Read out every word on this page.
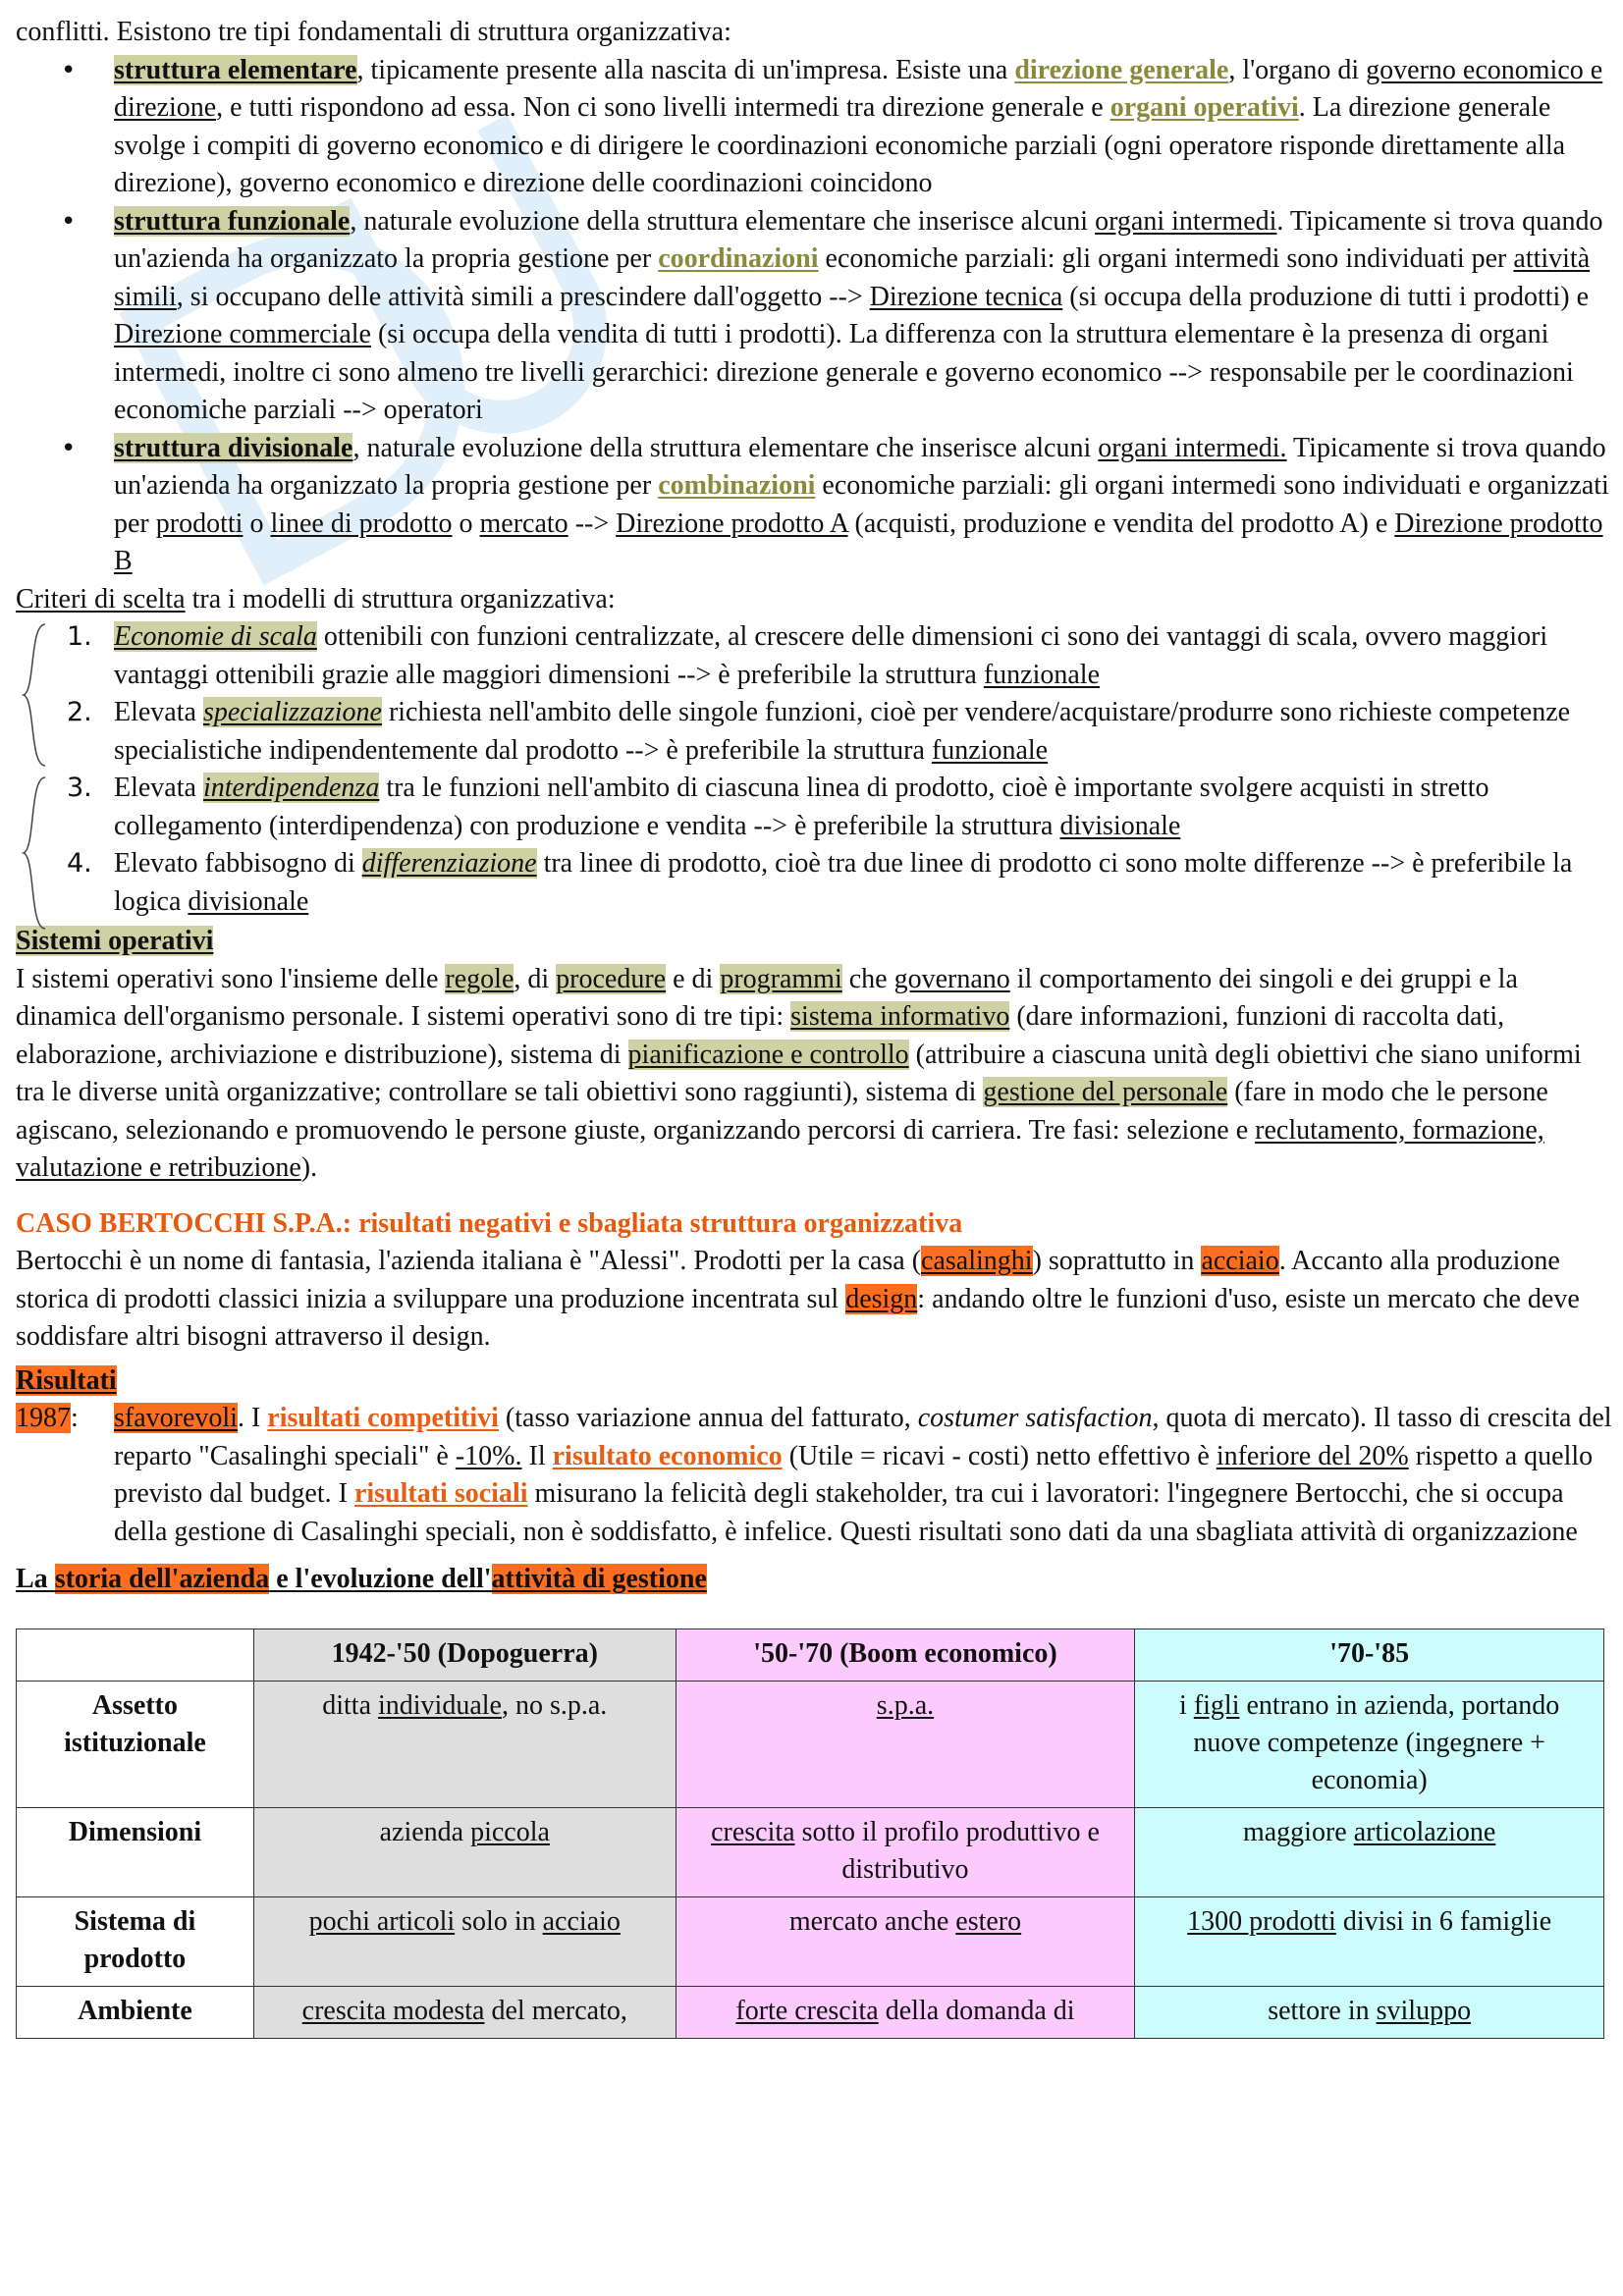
conflitti. Esistono tre tipi fondamentali di struttura organizzativa:

• struttura elementare, tipicamente presente alla nascita di un'impresa. Esiste una direzione generale, l'organo di governo economico e direzione, e tutti rispondono ad essa. Non ci sono livelli intermedi tra direzione generale e organi operativi. La direzione generale svolge i compiti di governo economico e di dirigere le coordinazioni economiche parziali (ogni operatore risponde direttamente alla direzione), governo economico e direzione delle coordinazioni coincidono
• struttura funzionale, naturale evoluzione della struttura elementare che inserisce alcuni organi intermedi. Tipicamente si trova quando un'azienda ha organizzato la propria gestione per coordinazioni economiche parziali: gli organi intermedi sono individuati per attività simili, si occupano delle attività simili a prescindere dall'oggetto --> Direzione tecnica (si occupa della produzione di tutti i prodotti) e Direzione commerciale (si occupa della vendita di tutti i prodotti). La differenza con la struttura elementare è la presenza di organi intermedi, inoltre ci sono almeno tre livelli gerarchici: direzione generale e governo economico --> responsabile per le coordinazioni economiche parziali --> operatori
• struttura divisionale, naturale evoluzione della struttura elementare che inserisce alcuni organi intermedi. Tipicamente si trova quando un'azienda ha organizzato la propria gestione per combinazioni economiche parziali: gli organi intermedi sono individuati e organizzati per prodotti o linee di prodotto o mercato --> Direzione prodotto A (acquisti, produzione e vendita del prodotto A) e Direzione prodotto B

Criteri di scelta tra i modelli di struttura organizzativa:

1. Economie di scala ottenibili con funzioni centralizzate, al crescere delle dimensioni ci sono dei vantaggi di scala, ovvero maggiori vantaggi ottenibili grazie alle maggiori dimensioni --> è preferibile la struttura funzionale
2. Elevata specializzazione richiesta nell'ambito delle singole funzioni, cioè per vendere/acquistare/produrre sono richieste competenze specialistiche indipendentemente dal prodotto --> è preferibile la struttura funzionale
3. Elevata interdipendenza tra le funzioni nell'ambito di ciascuna linea di prodotto, cioè è importante svolgere acquisti in stretto collegamento (interdipendenza) con produzione e vendita --> è preferibile la struttura divisionale
4. Elevato fabbisogno di differenziazione tra linee di prodotto, cioè tra due linee di prodotto ci sono molte differenze --> è preferibile la logica divisionale

Sistemi operativi

I sistemi operativi sono l'insieme delle regole, di procedure e di programmi che governano il comportamento dei singoli e dei gruppi e la dinamica dell'organismo personale. I sistemi operativi sono di tre tipi: sistema informativo (dare informazioni, funzioni di raccolta dati, elaborazione, archiviazione e distribuzione), sistema di pianificazione e controllo (attribuire a ciascuna unità degli obiettivi che siano uniformi tra le diverse unità organizzative; controllare se tali obiettivi sono raggiunti), sistema di gestione del personale (fare in modo che le persone agiscano, selezionando e promuovendo le persone giuste, organizzando percorsi di carriera. Tre fasi: selezione e reclutamento, formazione, valutazione e retribuzione).

CASO BERTOCCHI S.P.A.: risultati negativi e sbagliata struttura organizzativa

Bertocchi è un nome di fantasia, l'azienda italiana è "Alessi". Prodotti per la casa (casalinghi) soprattutto in acciaio. Accanto alla produzione storica di prodotti classici inizia a sviluppare una produzione incentrata sul design: andando oltre le funzioni d'uso, esiste un mercato che deve soddisfare altri bisogni attraverso il design.

Risultati

1987:	sfavorevoli. I risultati competitivi (tasso variazione annua del fatturato, costumer satisfaction, quota di mercato). Il tasso di crescita del reparto "Casalinghi speciali" è -10%. Il risultato economico (Utile = ricavi - costi) netto effettivo è inferiore del 20% rispetto a quello previsto dal budget. I risultati sociali misurano la felicità degli stakeholder, tra cui i lavoratori: l'ingegnere Bertocchi, che si occupa della gestione di Casalinghi speciali, non è soddisfatto, è infelice. Questi risultati sono dati da una sbagliata attività di organizzazione

La storia dell'azienda e l'evoluzione dell'attività di gestione

	1942-'50 (Dopoguerra)	'50-'70 (Boom economico)	'70-'85
Assetto istituzionale	ditta individuale, no s.p.a.	s.p.a.	i figli entrano in azienda, portando nuove competenze (ingegnere + economia)
Dimensioni	azienda piccola	crescita sotto il profilo produttivo e distributivo	maggiore articolazione
Sistema di prodotto	pochi articoli solo in acciaio	mercato anche estero	1300 prodotti divisi in 6 famiglie
Ambiente	crescita modesta del mercato,	forte crescita della domanda di	settore in sviluppo
